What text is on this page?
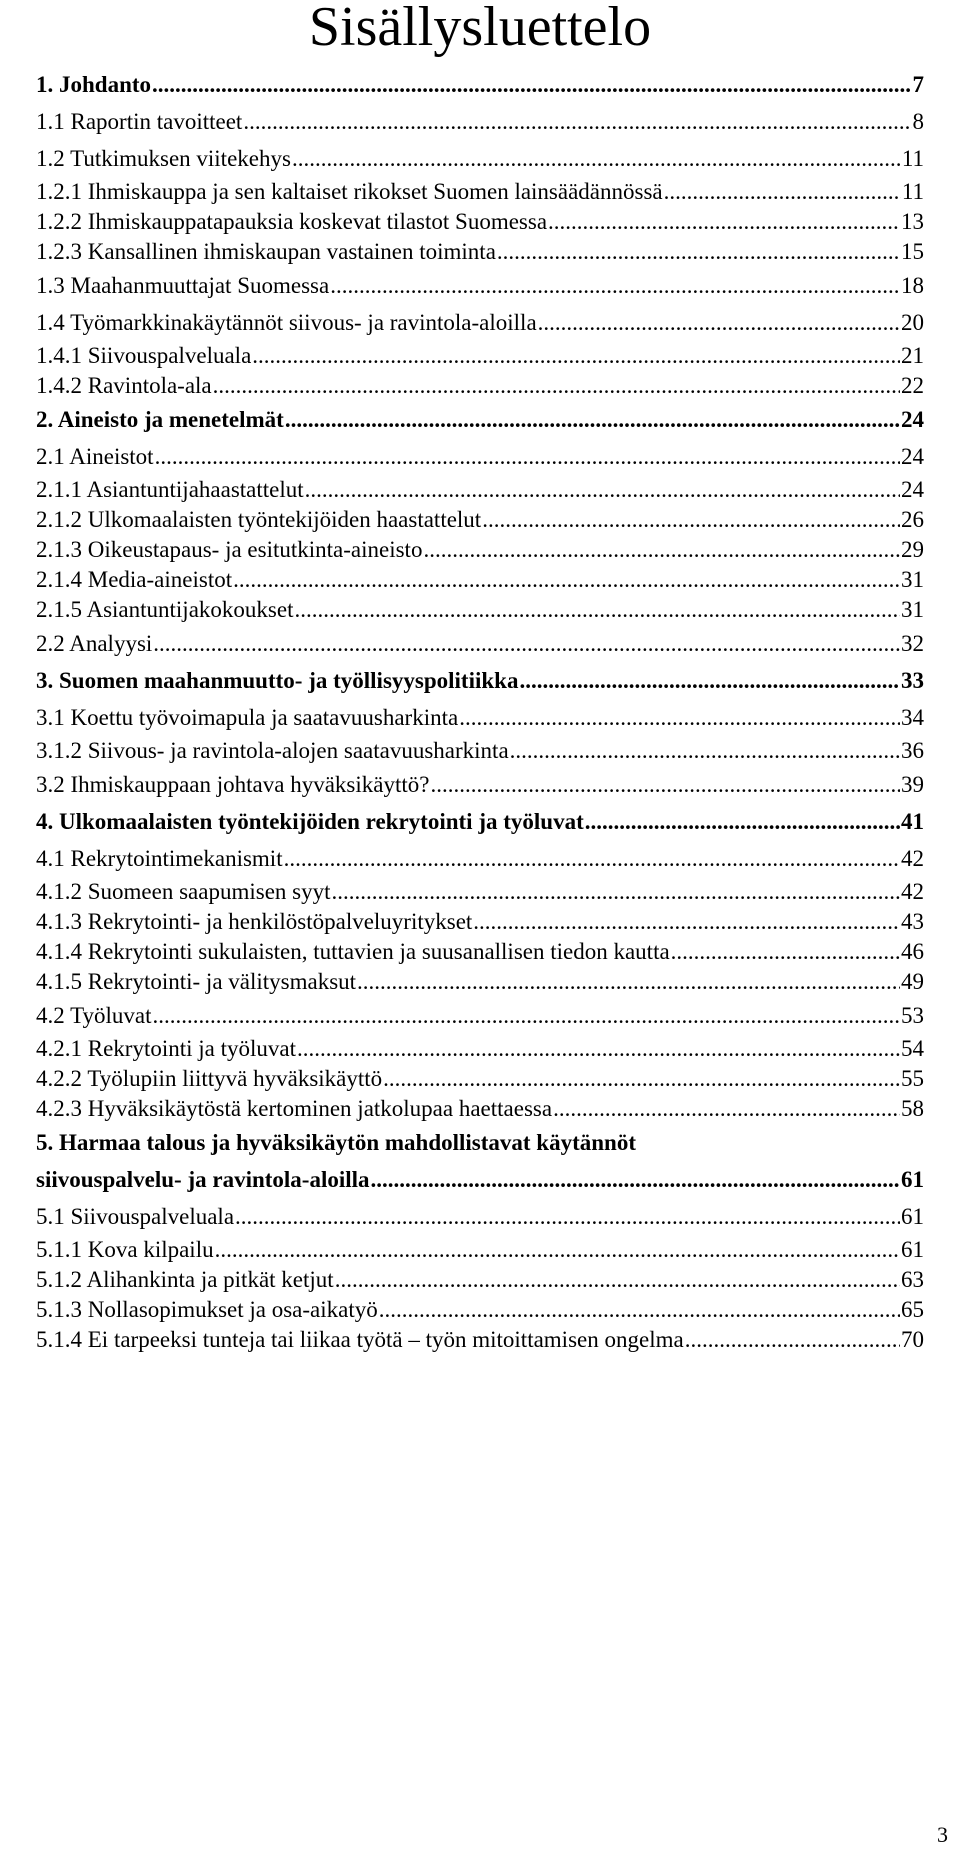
Sisällysluettelo
1. Johdanto .....	7
1.1 Raportin tavoitteet .....	8
1.2 Tutkimuksen viitekehys .....	11
1.2.1 Ihmiskauppa ja sen kaltaiset rikokset Suomen lainsäädännössä .....	11
1.2.2 Ihmiskauppatapauksia koskevat tilastot Suomessa .....	13
1.2.3 Kansallinen ihmiskaupan vastainen toiminta .....	15
1.3 Maahanmuuttajat Suomessa .....	18
1.4 Työmarkkinakäytännöt siivous- ja ravintola-aloilla .....	20
1.4.1 Siivouspalveluala .....	21
1.4.2 Ravintola-ala .....	22
2. Aineisto ja menetelmät .....	24
2.1 Aineistot .....	24
2.1.1 Asiantuntijahaastattelut .....	24
2.1.2 Ulkomaalaisten työntekijöiden haastattelut .....	26
2.1.3 Oikeustapaus- ja esitutkinta-aineisto .....	29
2.1.4 Media-aineistot .....	31
2.1.5 Asiantuntijakokoukset .....	31
2.2 Analyysi .....	32
3. Suomen maahanmuutto- ja työllisyyspolitiikka .....	33
3.1 Koettu työvoimapula ja saatavuusharkinta .....	34
3.1.2 Siivous- ja ravintola-alojen saatavuusharkinta .....	36
3.2 Ihmiskauppaan johtava hyväksikäyttö? .....	39
4. Ulkomaalaisten työntekijöiden rekrytointi ja työluvat .....	41
4.1 Rekrytointimekanismit .....	42
4.1.2 Suomeen saapumisen syyt .....	42
4.1.3 Rekrytointi- ja henkilöstöpalveluyritykset .....	43
4.1.4 Rekrytointi sukulaisten, tuttavien ja suusanallisen tiedon kautta .....	46
4.1.5 Rekrytointi- ja välitysmaksut .....	49
4.2 Työluvat .....	53
4.2.1 Rekrytointi ja työluvat .....	54
4.2.2 Työlupiin liittyvä hyväksikäyttö .....	55
4.2.3 Hyväksikäytöstä kertominen jatkolupaa haettaessa .....	58
5. Harmaa talous ja hyväksikäytön mahdollistavat käytännöt
siivouspalvelu- ja ravintola-aloilla .....	61
5.1 Siivouspalveluala .....	61
5.1.1 Kova kilpailu .....	61
5.1.2 Alihankinta ja pitkät ketjut .....	63
5.1.3 Nollasopimukset ja osa-aikatyö .....	65
5.1.4 Ei tarpeeksi tunteja tai liikaa työtä – työn mitoittamisen ongelma .....	70
3
